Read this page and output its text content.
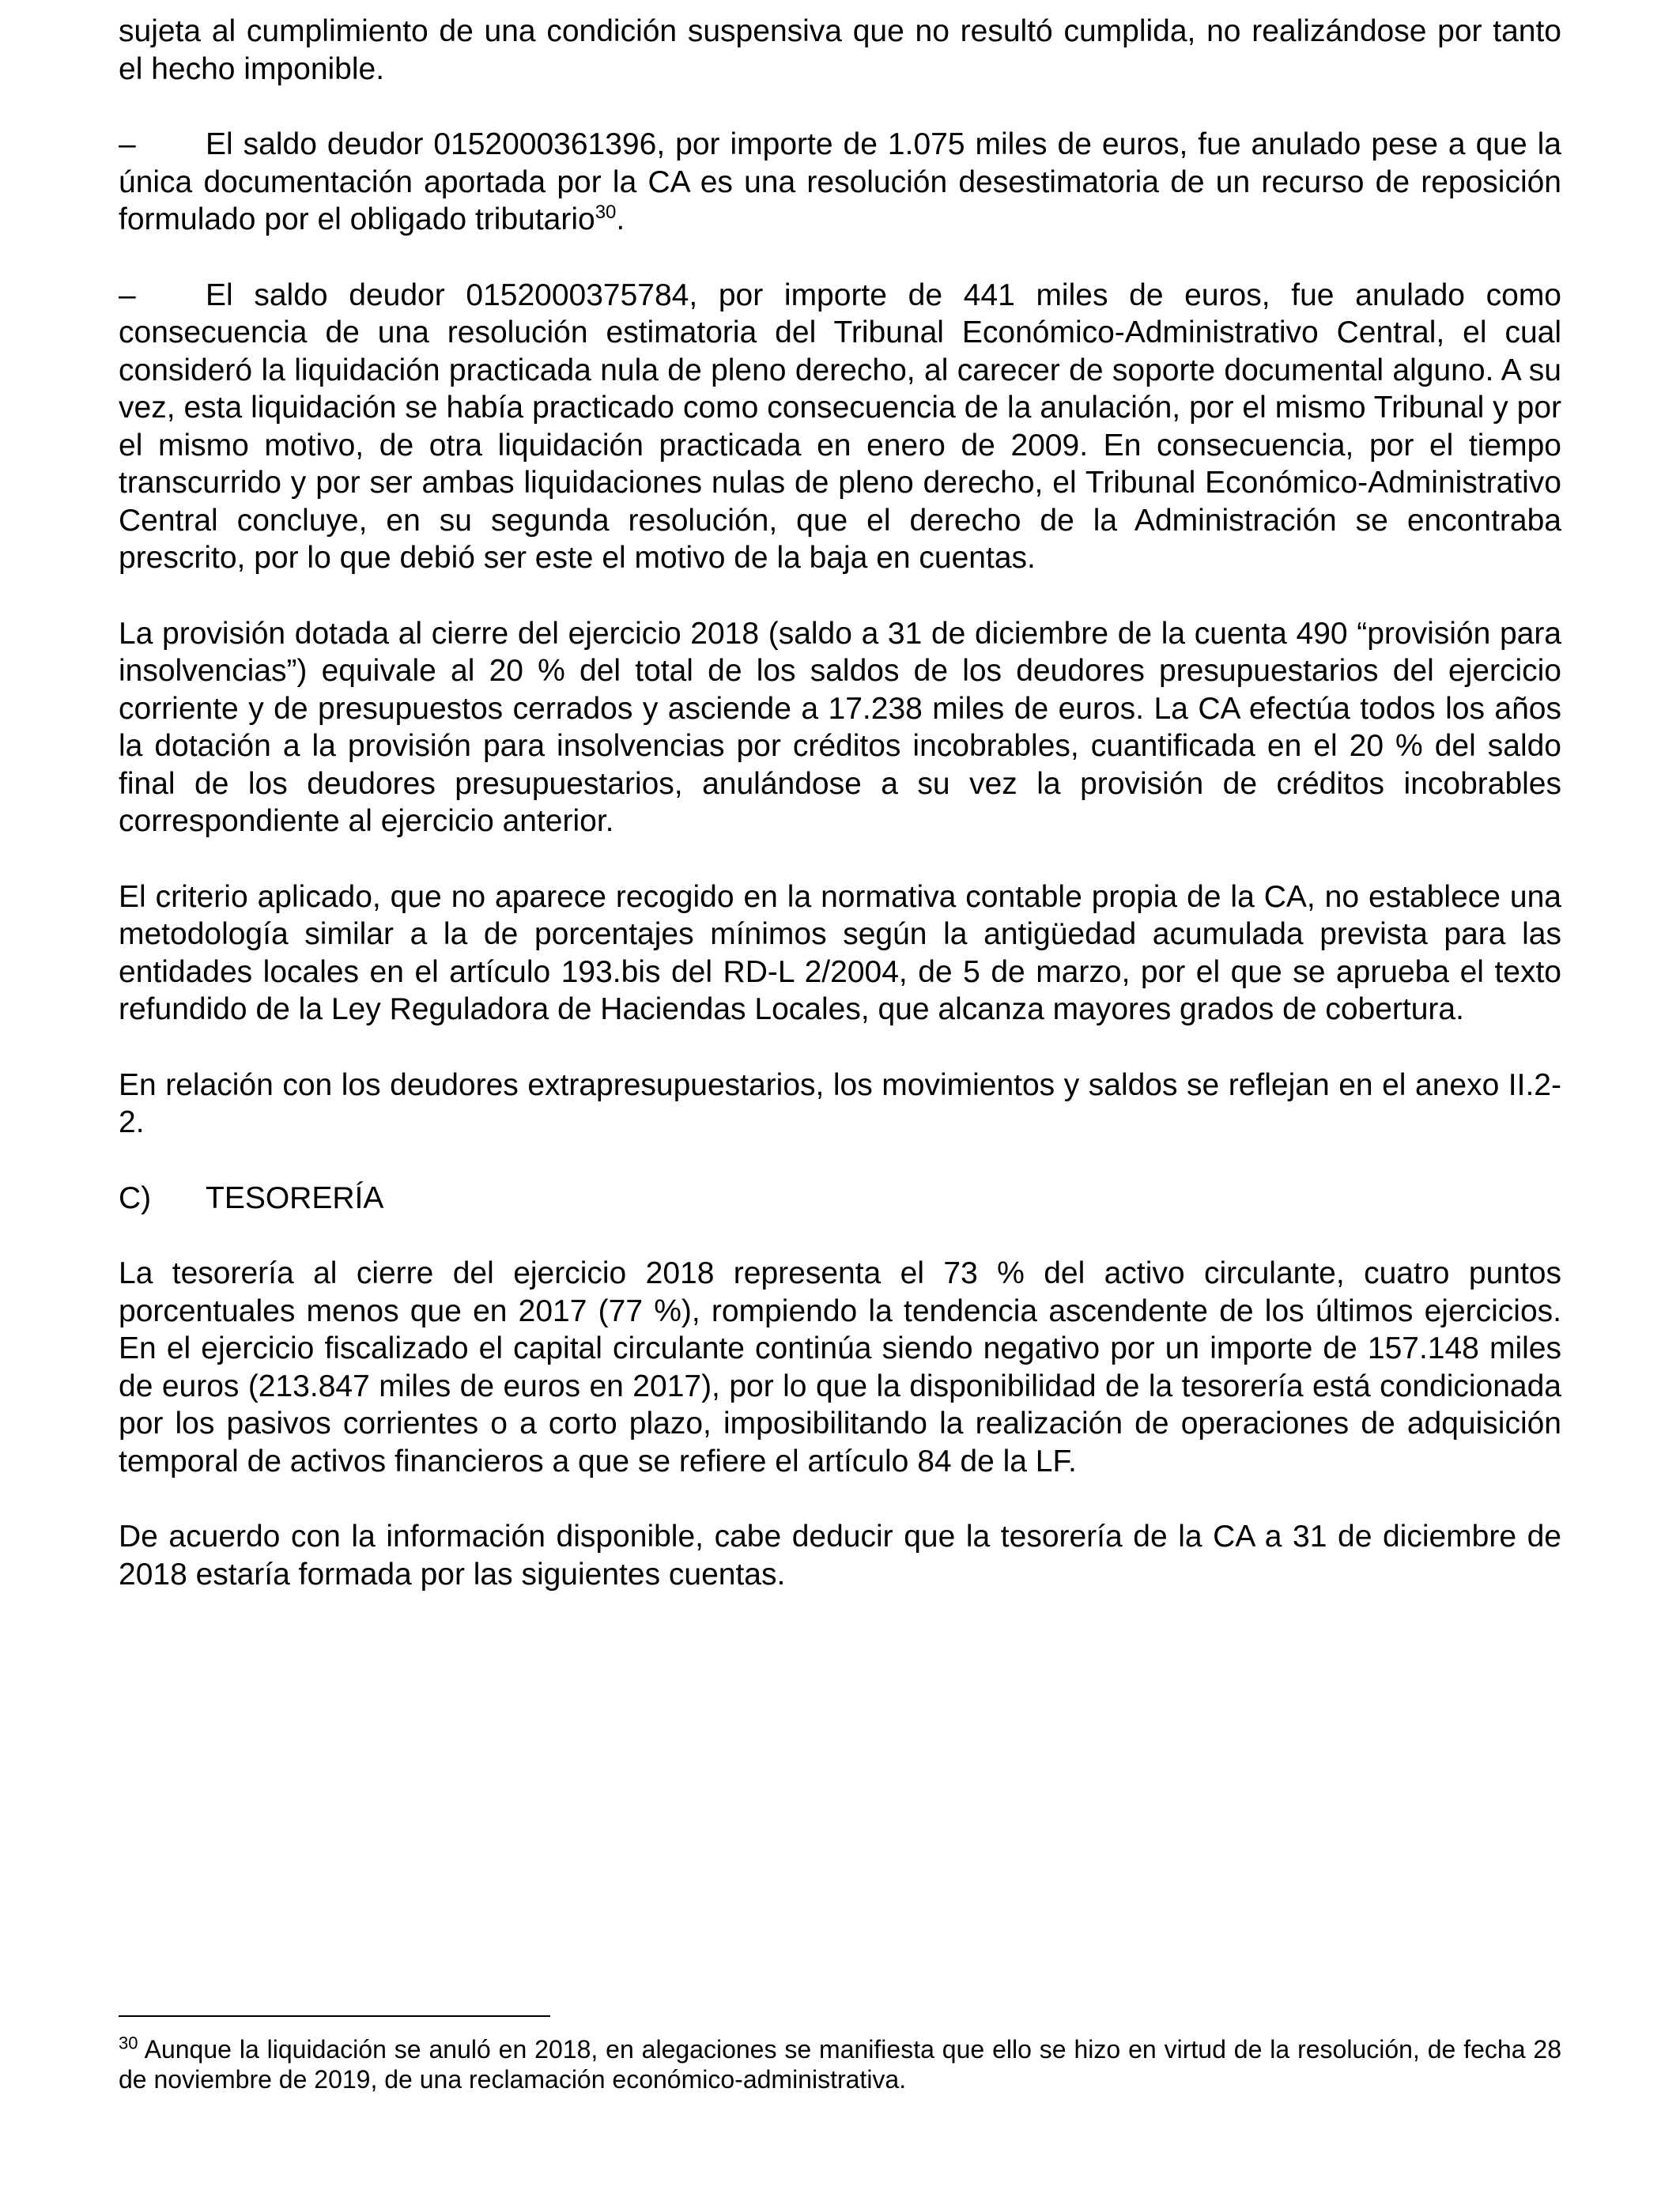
sujeta al cumplimiento de una condición suspensiva que no resultó cumplida, no realizándose por tanto el hecho imponible.

– El saldo deudor 0152000361396, por importe de 1.075 miles de euros, fue anulado pese a que la única documentación aportada por la CA es una resolución desestimatoria de un recurso de reposición formulado por el obligado tributario$^{30}$.

– El saldo deudor 0152000375784, por importe de 441 miles de euros, fue anulado como consecuencia de una resolución estimatoria del Tribunal Económico-Administrativo Central, el cual consideró la liquidación practicada nula de pleno derecho, al carecer de soporte documental alguno. A su vez, esta liquidación se había practicado como consecuencia de la anulación, por el mismo Tribunal y por el mismo motivo, de otra liquidación practicada en enero de 2009. En consecuencia, por el tiempo transcurrido y por ser ambas liquidaciones nulas de pleno derecho, el Tribunal Económico-Administrativo Central concluye, en su segunda resolución, que el derecho de la Administración se encontraba prescrito, por lo que debió ser este el motivo de la baja en cuentas.

La provisión dotada al cierre del ejercicio 2018 (saldo a 31 de diciembre de la cuenta 490 “provisión para insolvencias”) equivale al 20 % del total de los saldos de los deudores presupuestarios del ejercicio corriente y de presupuestos cerrados y asciende a 17.238 miles de euros. La CA efectúa todos los años la dotación a la provisión para insolvencias por créditos incobrables, cuantificada en el 20 % del saldo final de los deudores presupuestarios, anulándose a su vez la provisión de créditos incobrables correspondiente al ejercicio anterior.

El criterio aplicado, que no aparece recogido en la normativa contable propia de la CA, no establece una metodología similar a la de porcentajes mínimos según la antigüedad acumulada prevista para las entidades locales en el artículo 193.bis del RD-L 2/2004, de 5 de marzo, por el que se aprueba el texto refundido de la Ley Reguladora de Haciendas Locales, que alcanza mayores grados de cobertura.

En relación con los deudores extrapresupuestarios, los movimientos y saldos se reflejan en el anexo II.2-2.

C)	TESORERÍA

La tesorería al cierre del ejercicio 2018 representa el 73 % del activo circulante, cuatro puntos porcentuales menos que en 2017 (77 %), rompiendo la tendencia ascendente de los últimos ejercicios. En el ejercicio fiscalizado el capital circulante continúa siendo negativo por un importe de 157.148 miles de euros (213.847 miles de euros en 2017), por lo que la disponibilidad de la tesorería está condicionada por los pasivos corrientes o a corto plazo, imposibilitando la realización de operaciones de adquisición temporal de activos financieros a que se refiere el artículo 84 de la LF.

De acuerdo con la información disponible, cabe deducir que la tesorería de la CA a 31 de diciembre de 2018 estaría formada por las siguientes cuentas.

$^{30}$ Aunque la liquidación se anuló en 2018, en alegaciones se manifiesta que ello se hizo en virtud de la resolución, de fecha 28 de noviembre de 2019, de una reclamación económico-administrativa.
